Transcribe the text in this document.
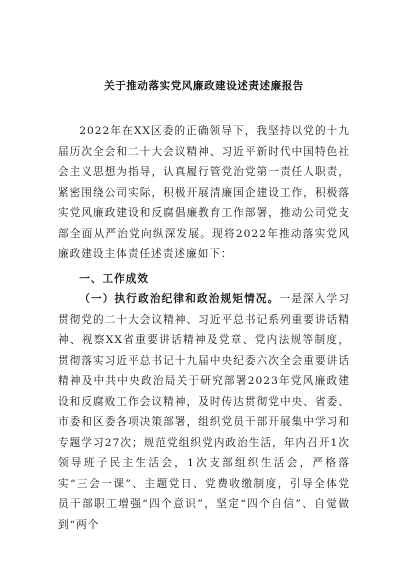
关于推动落实党风廉政建设述责述廉报告

2022年在XX区委的正确领导下，我坚持以党的十九届历次全会和二十大会议精神、习近平新时代中国特色社会主义思想为指导，认真履行管党治党第一责任人职责，紧密围绕公司实际，积极开展清廉国企建设工作，积极落实党风廉政建设和反腐倡廉教育工作部署，推动公司党支部全面从严治党向纵深发展。现将2022年推动落实党风廉政建设主体责任述责述廉如下：

一、工作成效

（一）执行政治纪律和政治规矩情况。一是深入学习贯彻党的二十大会议精神、习近平总书记系列重要讲话精神、视察XX省重要讲话精神及党章、党内法规等制度，贯彻落实习近平总书记十九届中央纪委六次全会重要讲话精神及中共中央政治局关于研究部署2023年党风廉政建设和反腐败工作会议精神，及时传达贯彻党中央、省委、市委和区委各项决策部署，组织党员干部开展集中学习和专题学习27次；规范党组织党内政治生活，年内召开1次领导班子民主生活会，1次支部组织生活会，严格落实“三会一课”、主题党日、党费收缴制度，引导全体党员干部职工增强“四个意识”，坚定“四个自信”、自觉做到“两个
